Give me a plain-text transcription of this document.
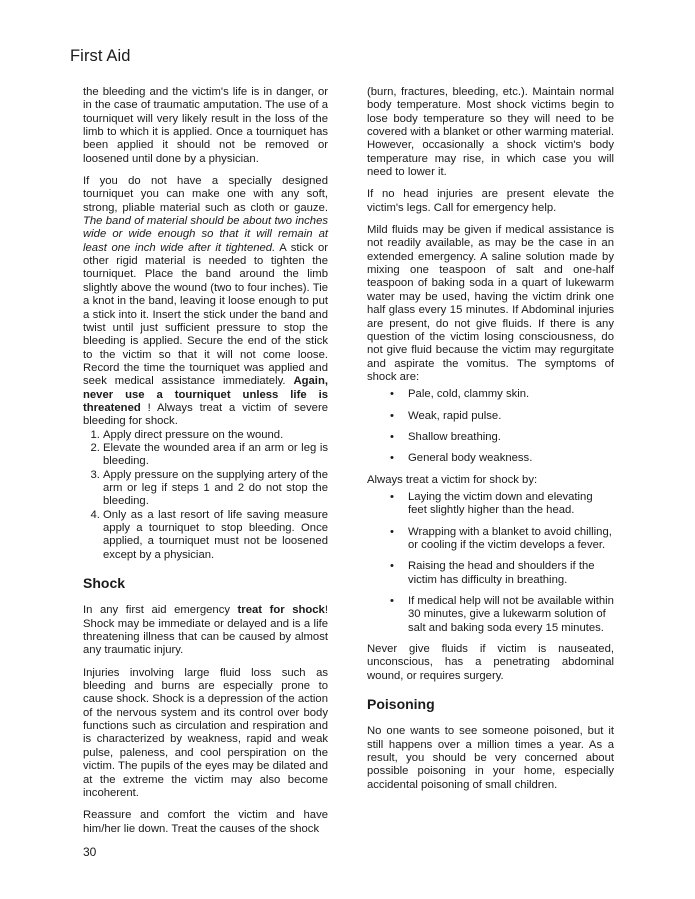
First Aid

the bleeding and the victim's life is in danger, or in the case of traumatic amputation. The use of a tourniquet will very likely result in the loss of the limb to which it is applied. Once a tourniquet has been applied it should not be removed or loosened until done by a physician.

If you do not have a specially designed tourniquet you can make one with any soft, strong, pliable material such as cloth or gauze. The band of material should be about two inches wide or wide enough so that it will remain at least one inch wide after it tightened. A stick or other rigid material is needed to tighten the tourniquet. Place the band around the limb slightly above the wound (two to four inches). Tie a knot in the band, leaving it loose enough to put a stick into it. Insert the stick under the band and twist until just sufficient pressure to stop the bleeding is applied. Secure the end of the stick to the victim so that it will not come loose. Record the time the tourniquet was applied and seek medical assistance immediately. Again, never use a tourniquet unless life is threatened ! Always treat a victim of severe bleeding for shock.

1. Apply direct pressure on the wound.
2. Elevate the wounded area if an arm or leg is bleeding.
3. Apply pressure on the supplying artery of the arm or leg if steps 1 and 2 do not stop the bleeding.
4. Only as a last resort of life saving measure apply a tourniquet to stop bleeding. Once applied, a tourniquet must not be loosened except by a physician.
Shock

In any first aid emergency treat for shock! Shock may be immediate or delayed and is a life threatening illness that can be caused by almost any traumatic injury.

Injuries involving large fluid loss such as bleeding and burns are especially prone to cause shock. Shock is a depression of the action of the nervous system and its control over body functions such as circulation and respiration and is characterized by weakness, rapid and weak pulse, paleness, and cool perspiration on the victim. The pupils of the eyes may be dilated and at the extreme the victim may also become incoherent.

Reassure and comfort the victim and have him/her lie down. Treat the causes of the shock

(burn, fractures, bleeding, etc.). Maintain normal body temperature. Most shock victims begin to lose body temperature so they will need to be covered with a blanket or other warming material. However, occasionally a shock victim's body temperature may rise, in which case you will need to lower it.

If no head injuries are present elevate the victim's legs. Call for emergency help.

Mild fluids may be given if medical assistance is not readily available, as may be the case in an extended emergency. A saline solution made by mixing one teaspoon of salt and one-half teaspoon of baking soda in a quart of lukewarm water may be used, having the victim drink one half glass every 15 minutes. If Abdominal injuries are present, do not give fluids. If there is any question of the victim losing consciousness, do not give fluid because the victim may regurgitate and aspirate the vomitus. The symptoms of shock are:

• Pale, cold, clammy skin.
• Weak, rapid pulse.
• Shallow breathing.
• General body weakness.

Always treat a victim for shock by:

• Laying the victim down and elevating feet slightly higher than the head.
• Wrapping with a blanket to avoid chilling, or cooling if the victim develops a fever.
• Raising the head and shoulders if the victim has difficulty in breathing.
• If medical help will not be available within 30 minutes, give a lukewarm solution of salt and baking soda every 15 minutes.

Never give fluids if victim is nauseated, unconscious, has a penetrating abdominal wound, or requires surgery.

Poisoning

No one wants to see someone poisoned, but it still happens over a million times a year. As a result, you should be very concerned about possible poisoning in your home, especially accidental poisoning of small children.

30
